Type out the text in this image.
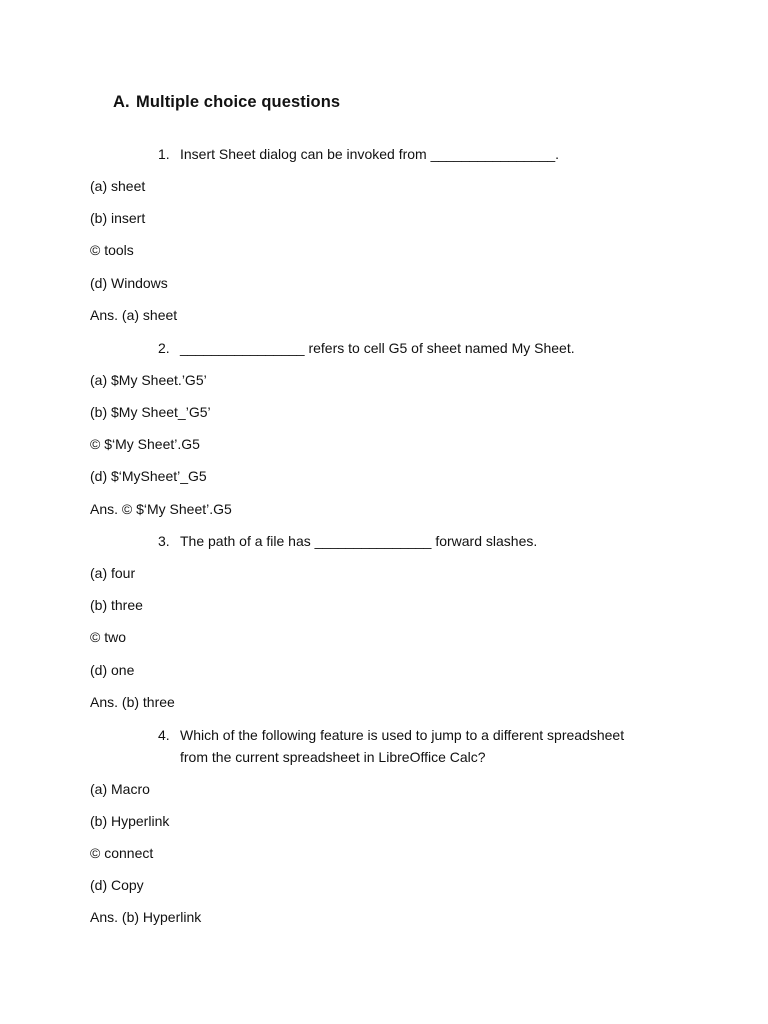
A. Multiple choice questions
1. Insert Sheet dialog can be invoked from ________________.
(a) sheet
(b) insert
© tools
(d) Windows
Ans. (a) sheet
2. ________________ refers to cell G5 of sheet named My Sheet.
(a) $My Sheet.’G5’
(b) $My Sheet_’G5’
© $‘My Sheet’.G5
(d) $‘MySheet’_G5
Ans. © $‘My Sheet’.G5
3. The path of a file has _______________ forward slashes.
(a) four
(b) three
© two
(d) one
Ans. (b) three
4. Which of the following feature is used to jump to a different spreadsheet from the current spreadsheet in LibreOffice Calc?
(a) Macro
(b) Hyperlink
© connect
(d) Copy
Ans. (b) Hyperlink
